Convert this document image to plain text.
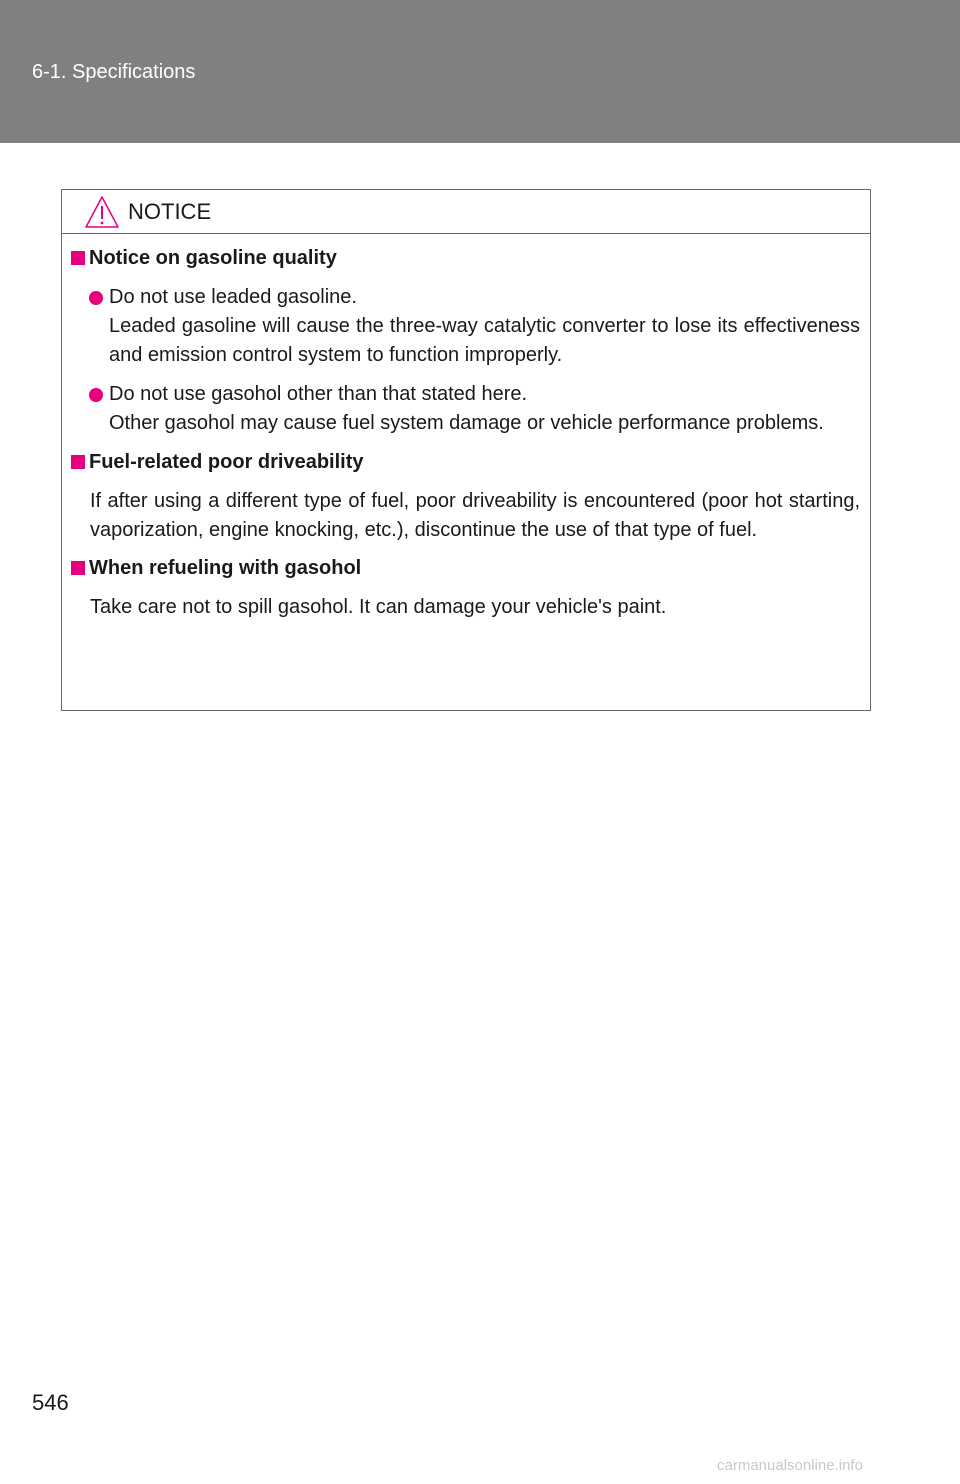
6-1. Specifications
NOTICE
Notice on gasoline quality

Do not use leaded gasoline.

Leaded gasoline will cause the three-way catalytic converter to lose its effectiveness and emission control system to function improperly.

Do not use gasohol other than that stated here.

Other gasohol may cause fuel system damage or vehicle performance problems.

Fuel-related poor driveability

If after using a different type of fuel, poor driveability is encountered (poor hot starting, vaporization, engine knocking, etc.), discontinue the use of that type of fuel.

When refueling with gasohol

Take care not to spill gasohol. It can damage your vehicle's paint.

546
carmanualsonline.info
